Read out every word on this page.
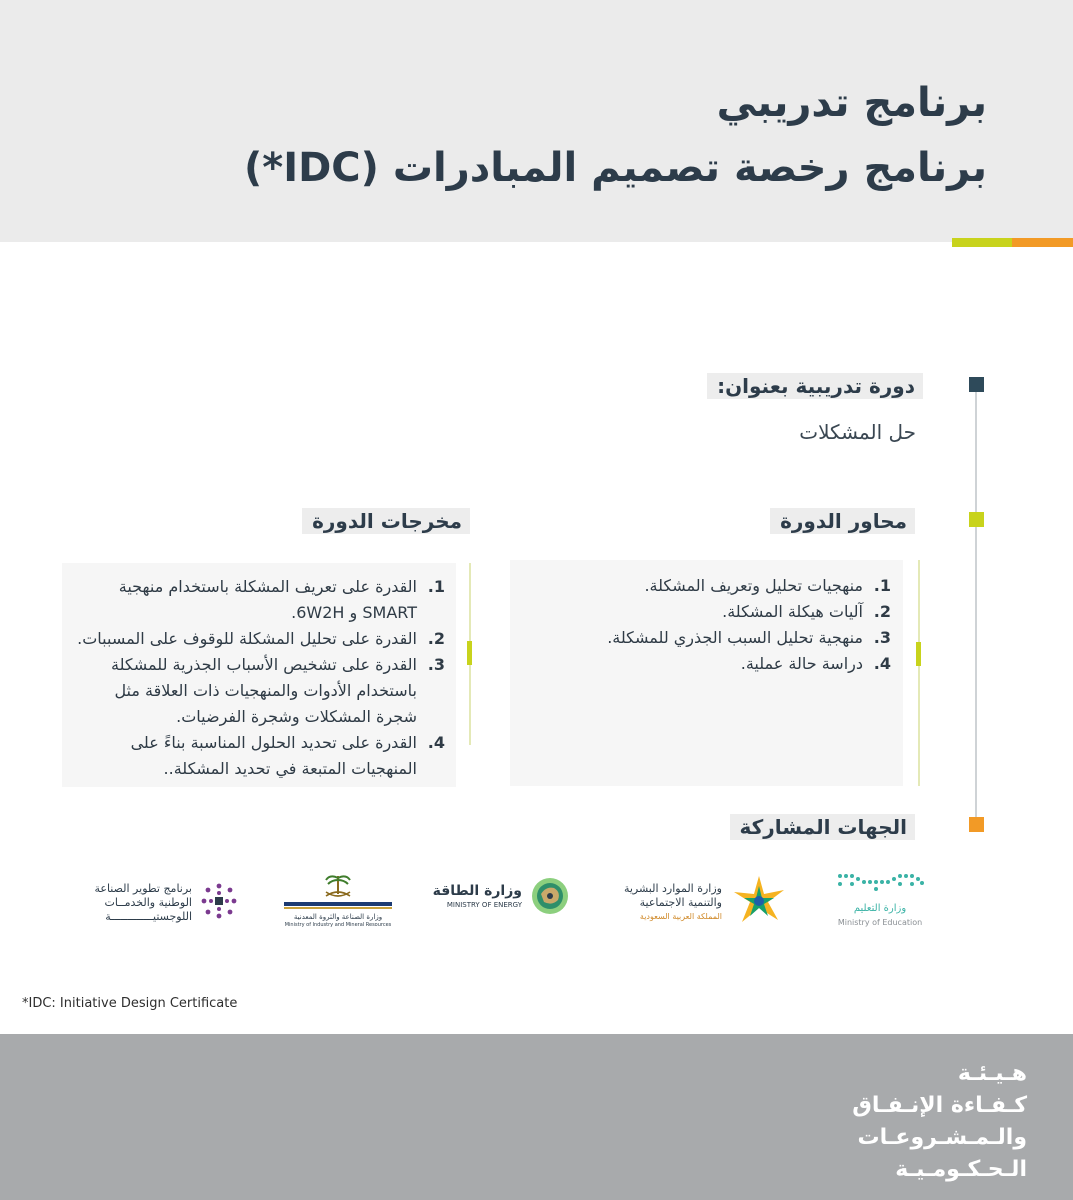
برنامج تدريبي
برنامج رخصة تصميم المبادرات (IDC*)
دورة تدريبية بعنوان:
حل المشكلات
محاور الدورة
1.
منهجيات تحليل وتعريف المشكلة.
2.
آليات هيكلة المشكلة.
3.
منهجية تحليل السبب الجذري للمشكلة.
4.
دراسة حالة عملية.
مخرجات الدورة
1.
القدرة على تعريف المشكلة باستخدام منهجية SMART و 6W2H.
2.
القدرة على تحليل المشكلة للوقوف على المسببات.
3.
القدرة على تشخيص الأسباب الجذرية للمشكلة باستخدام الأدوات والمنهجيات ذات العلاقة مثل شجرة المشكلات وشجرة الفرضيات.
4.
القدرة على تحديد الحلول المناسبة بناءً على المنهجيات المتبعة في تحديد المشكلة..
الجهات المشاركة
وزارة التعليم
Ministry of Education
وزارة الموارد البشرية
والتنمية الاجتماعية
المملكة العربية السعودية
وزارة الطاقة
MINISTRY OF ENERGY
وزارة الصناعة والثروة المعدنية
Ministry of Industry and Mineral Resources
برنامج تطوير الصناعة
الوطنية والخدمــات
اللوجستيـــــــــــــة
*IDC: Initiative Design Certificate
هـيـئـة
كـفـاءة الإنـفـاق
والـمـشـروعـات
الـحـكـومـيـة
